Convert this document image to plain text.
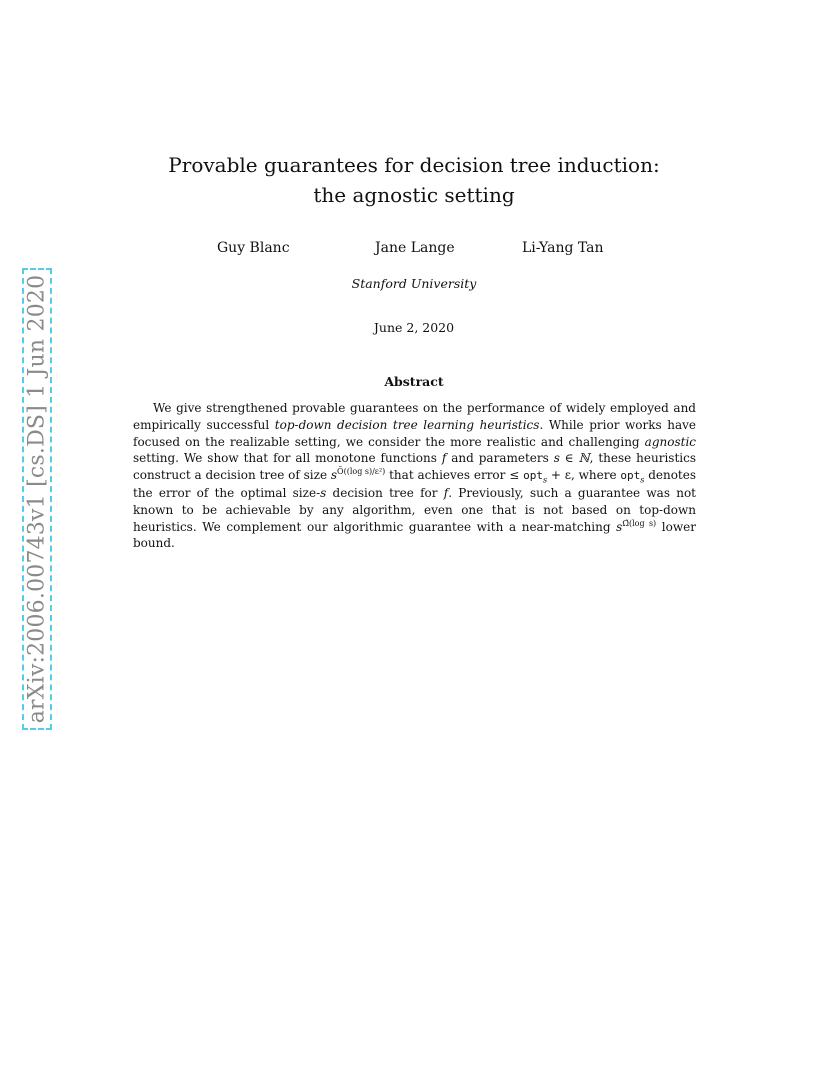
arXiv:2006.00743v1 [cs.DS] 1 Jun 2020
Provable guarantees for decision tree induction:
the agnostic setting
Guy Blanc	Jane Lange	Li-Yang Tan
Stanford University
June 2, 2020
Abstract

We give strengthened provable guarantees on the performance of widely employed and empirically successful top-down decision tree learning heuristics. While prior works have focused on the realizable setting, we consider the more realistic and challenging agnostic setting. We show that for all monotone functions f and parameters s ∈ ℕ, these heuristics construct a decision tree of size $s^{Õ((log s)/\varepsilon^2)}$ that achieves error ≤ opt$_s$ + ε, where opt$_s$ denotes the error of the optimal size-s decision tree for f. Previously, such a guarantee was not known to be achievable by any algorithm, even one that is not based on top-down heuristics. We complement our algorithmic guarantee with a near-matching $s^{\Omegã(log s)}$ lower bound.
